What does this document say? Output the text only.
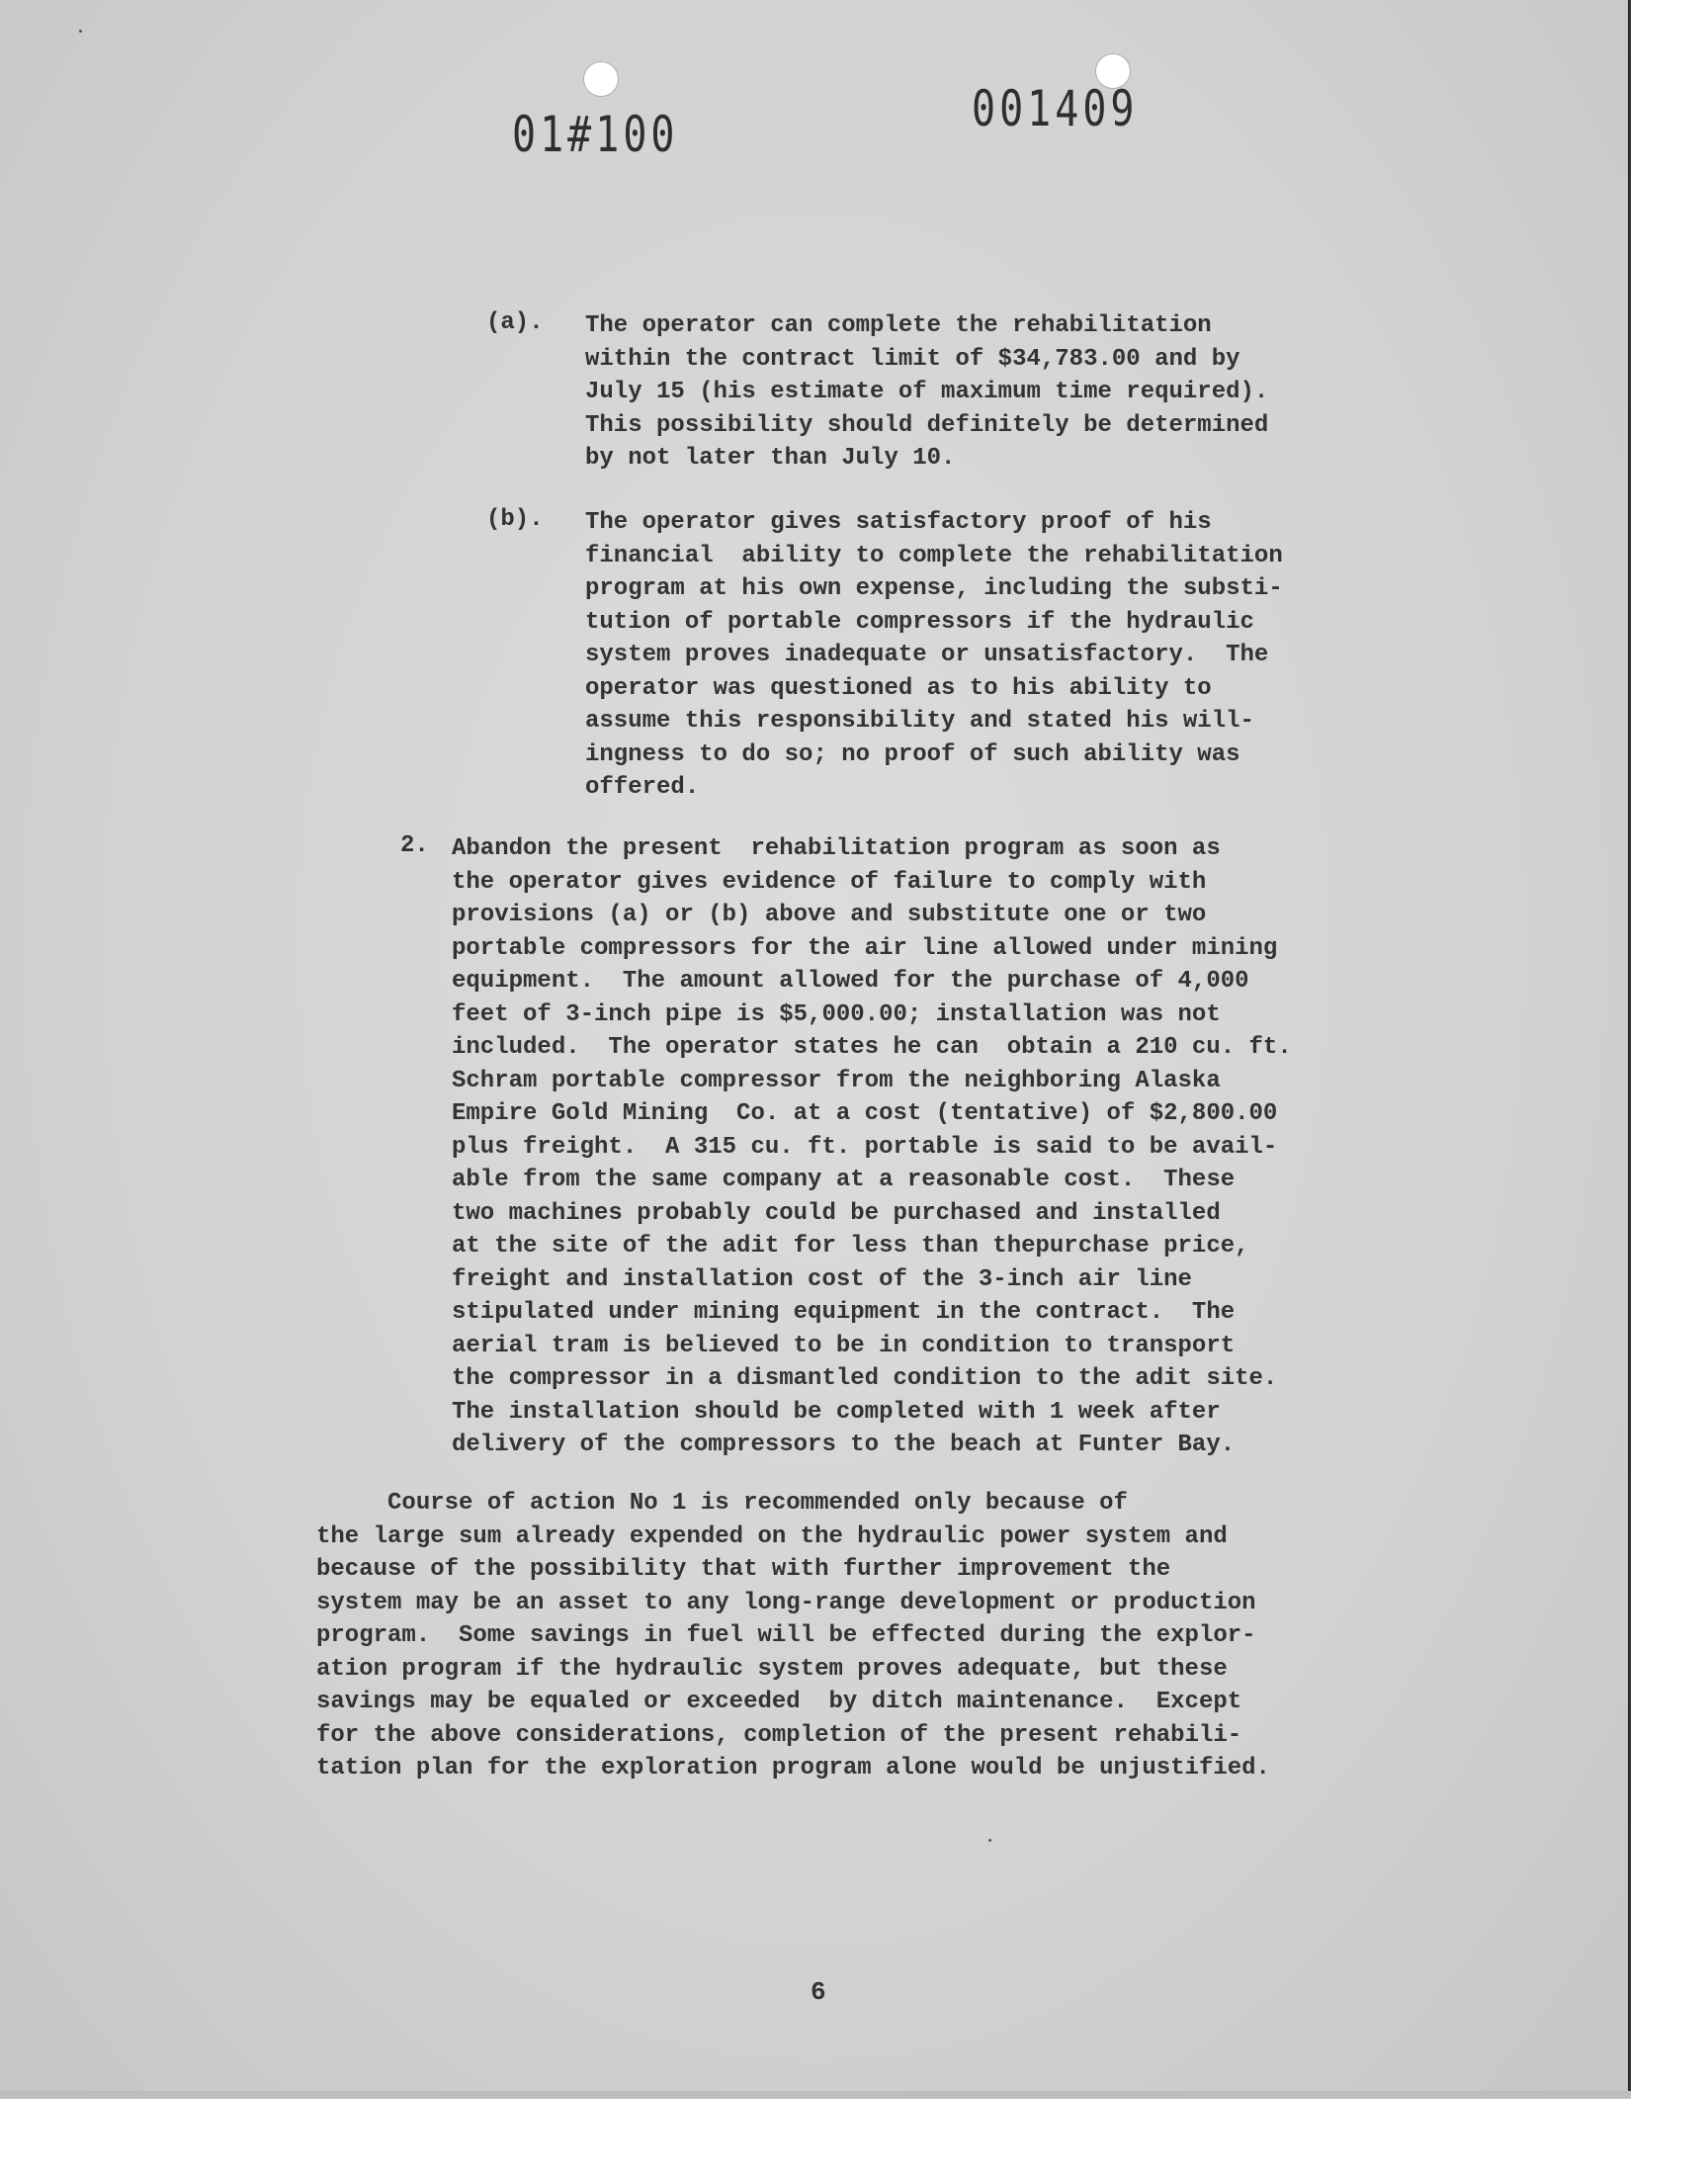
01#100	001409
(a). The operator can complete the rehabilitation
within the contract limit of $34,783.00 and by
July 15 (his estimate of maximum time required).
This possibility should definitely be determined
by not later than July 10.
(b). The operator gives satisfactory proof of his
financial  ability to complete the rehabilitation
program at his own expense, including the substi-
tution of portable compressors if the hydraulic
system proves inadequate or unsatisfactory.  The
operator was questioned as to his ability to
assume this responsibility and stated his will-
ingness to do so; no proof of such ability was
offered.
2. Abandon the present  rehabilitation program as soon as
the operator gives evidence of failure to comply with
provisions (a) or (b) above and substitute one or two
portable compressors for the air line allowed under mining
equipment.  The amount allowed for the purchase of 4,000
feet of 3-inch pipe is $5,000.00; installation was not
included.  The operator states he can  obtain a 210 cu. ft.
Schram portable compressor from the neighboring Alaska
Empire Gold Mining  Co. at a cost (tentative) of $2,800.00
plus freight.  A 315 cu. ft. portable is said to be avail-
able from the same company at a reasonable cost.  These
two machines probably could be purchased and installed
at the site of the adit for less than thepurchase price,
freight and installation cost of the 3-inch air line
stipulated under mining equipment in the contract.  The
aerial tram is believed to be in condition to transport
the compressor in a dismantled condition to the adit site.
The installation should be completed with 1 week after
delivery of the compressors to the beach at Funter Bay.
Course of action No 1 is recommended only because of
the large sum already expended on the hydraulic power system and
because of the possibility that with further improvement the
system may be an asset to any long-range development or production
program.  Some savings in fuel will be effected during the explor-
ation program if the hydraulic system proves adequate, but these
savings may be equaled or exceeded  by ditch maintenance.  Except
for the above considerations, completion of the present rehabili-
tation plan for the exploration program alone would be unjustified.
6
